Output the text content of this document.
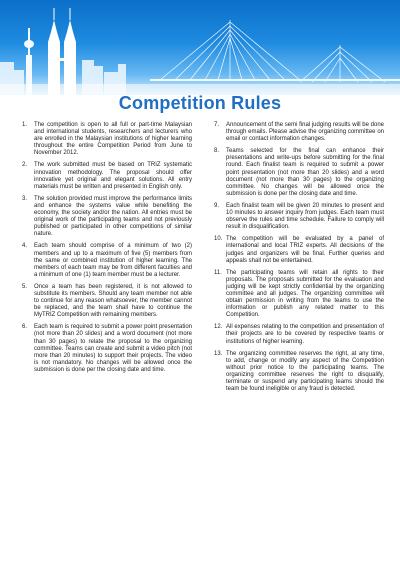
Competition Rules
1.	The competition is open to all full or part-time Malaysian and international students, researchers and lecturers who are enrolled in the Malaysian institutions of higher learning throughout the entire Competition Period from June to November 2012.
2.	The work submitted must be based on TRIZ systematic innovation methodology. The proposal should offer innovative yet original and elegant solutions. All entry materials must be written and presented in English only.
3.	The solution provided must improve the performance limits and enhance the systems value while benefiting the economy, the society and/or the nation. All entries must be original work of the participating teams and not previously published or participated in other competitions of similar nature.
4.	Each team should comprise of a minimum of two (2) members and up to a maximum of five (5) members from the same or combined institution of higher learning. The members of each team may be from different faculties and a minimum of one (1) team member must be a lecturer.
5.	Once a team has been registered, it is not allowed to substitute its members. Should any team member not able to continue for any reason whatsoever, the member cannot be replaced, and the team shall have to continue the MyTRIZ Competition with remaining members.
6.	Each team is required to submit a power point presentation (not more than 20 slides) and a word document (not more than 30 pages) to relate the proposal to the organizing committee. Teams can create and submit a video pitch (not more than 20 minutes) to support their projects. The video is not mandatory. No changes will be allowed once the submission is done per the closing date and time.
7.	Announcement of the semi final judging results will be done through emails. Please advise the organizing committee on email or contact information changes.
8.	Teams selected for the final can enhance their presentations and write-ups before submitting for the final round. Each finalist team is required to submit a power point presentation (not more than 20 slides) and a word document (not more than 30 pages) to the organizing committee. No changes will be allowed once the submission is done per the closing date and time.
9.	Each finalist team will be given 20 minutes to present and 10 minutes to answer inquiry from judges. Each team must observe the rules and time schedule. Failure to comply will result in disqualification.
10. The competition will be evaluated by a panel of international and local TRIZ experts. All decisions of the judges and organizers will be final. Further queries and appeals shall not be entertained.
11. The participating teams will retain all rights to their proposals. The proposals submitted for the evaluation and judging will be kept strictly confidential by the organizing committee and all judges. The organizing committee will obtain permission in writing from the teams to use the information or publish any related matter to this Competition.
12. All expenses relating to the competition and presentation of their projects are to be covered by respective teams or institutions of higher learning.
13. The organizing committee reserves the right, at any time, to add, change or modify any aspect of the Competition without prior notice to the participating teams. The organizing committee reserves the right to disqualify, terminate or suspend any participating teams should the team be found ineligible or any fraud is detected.
